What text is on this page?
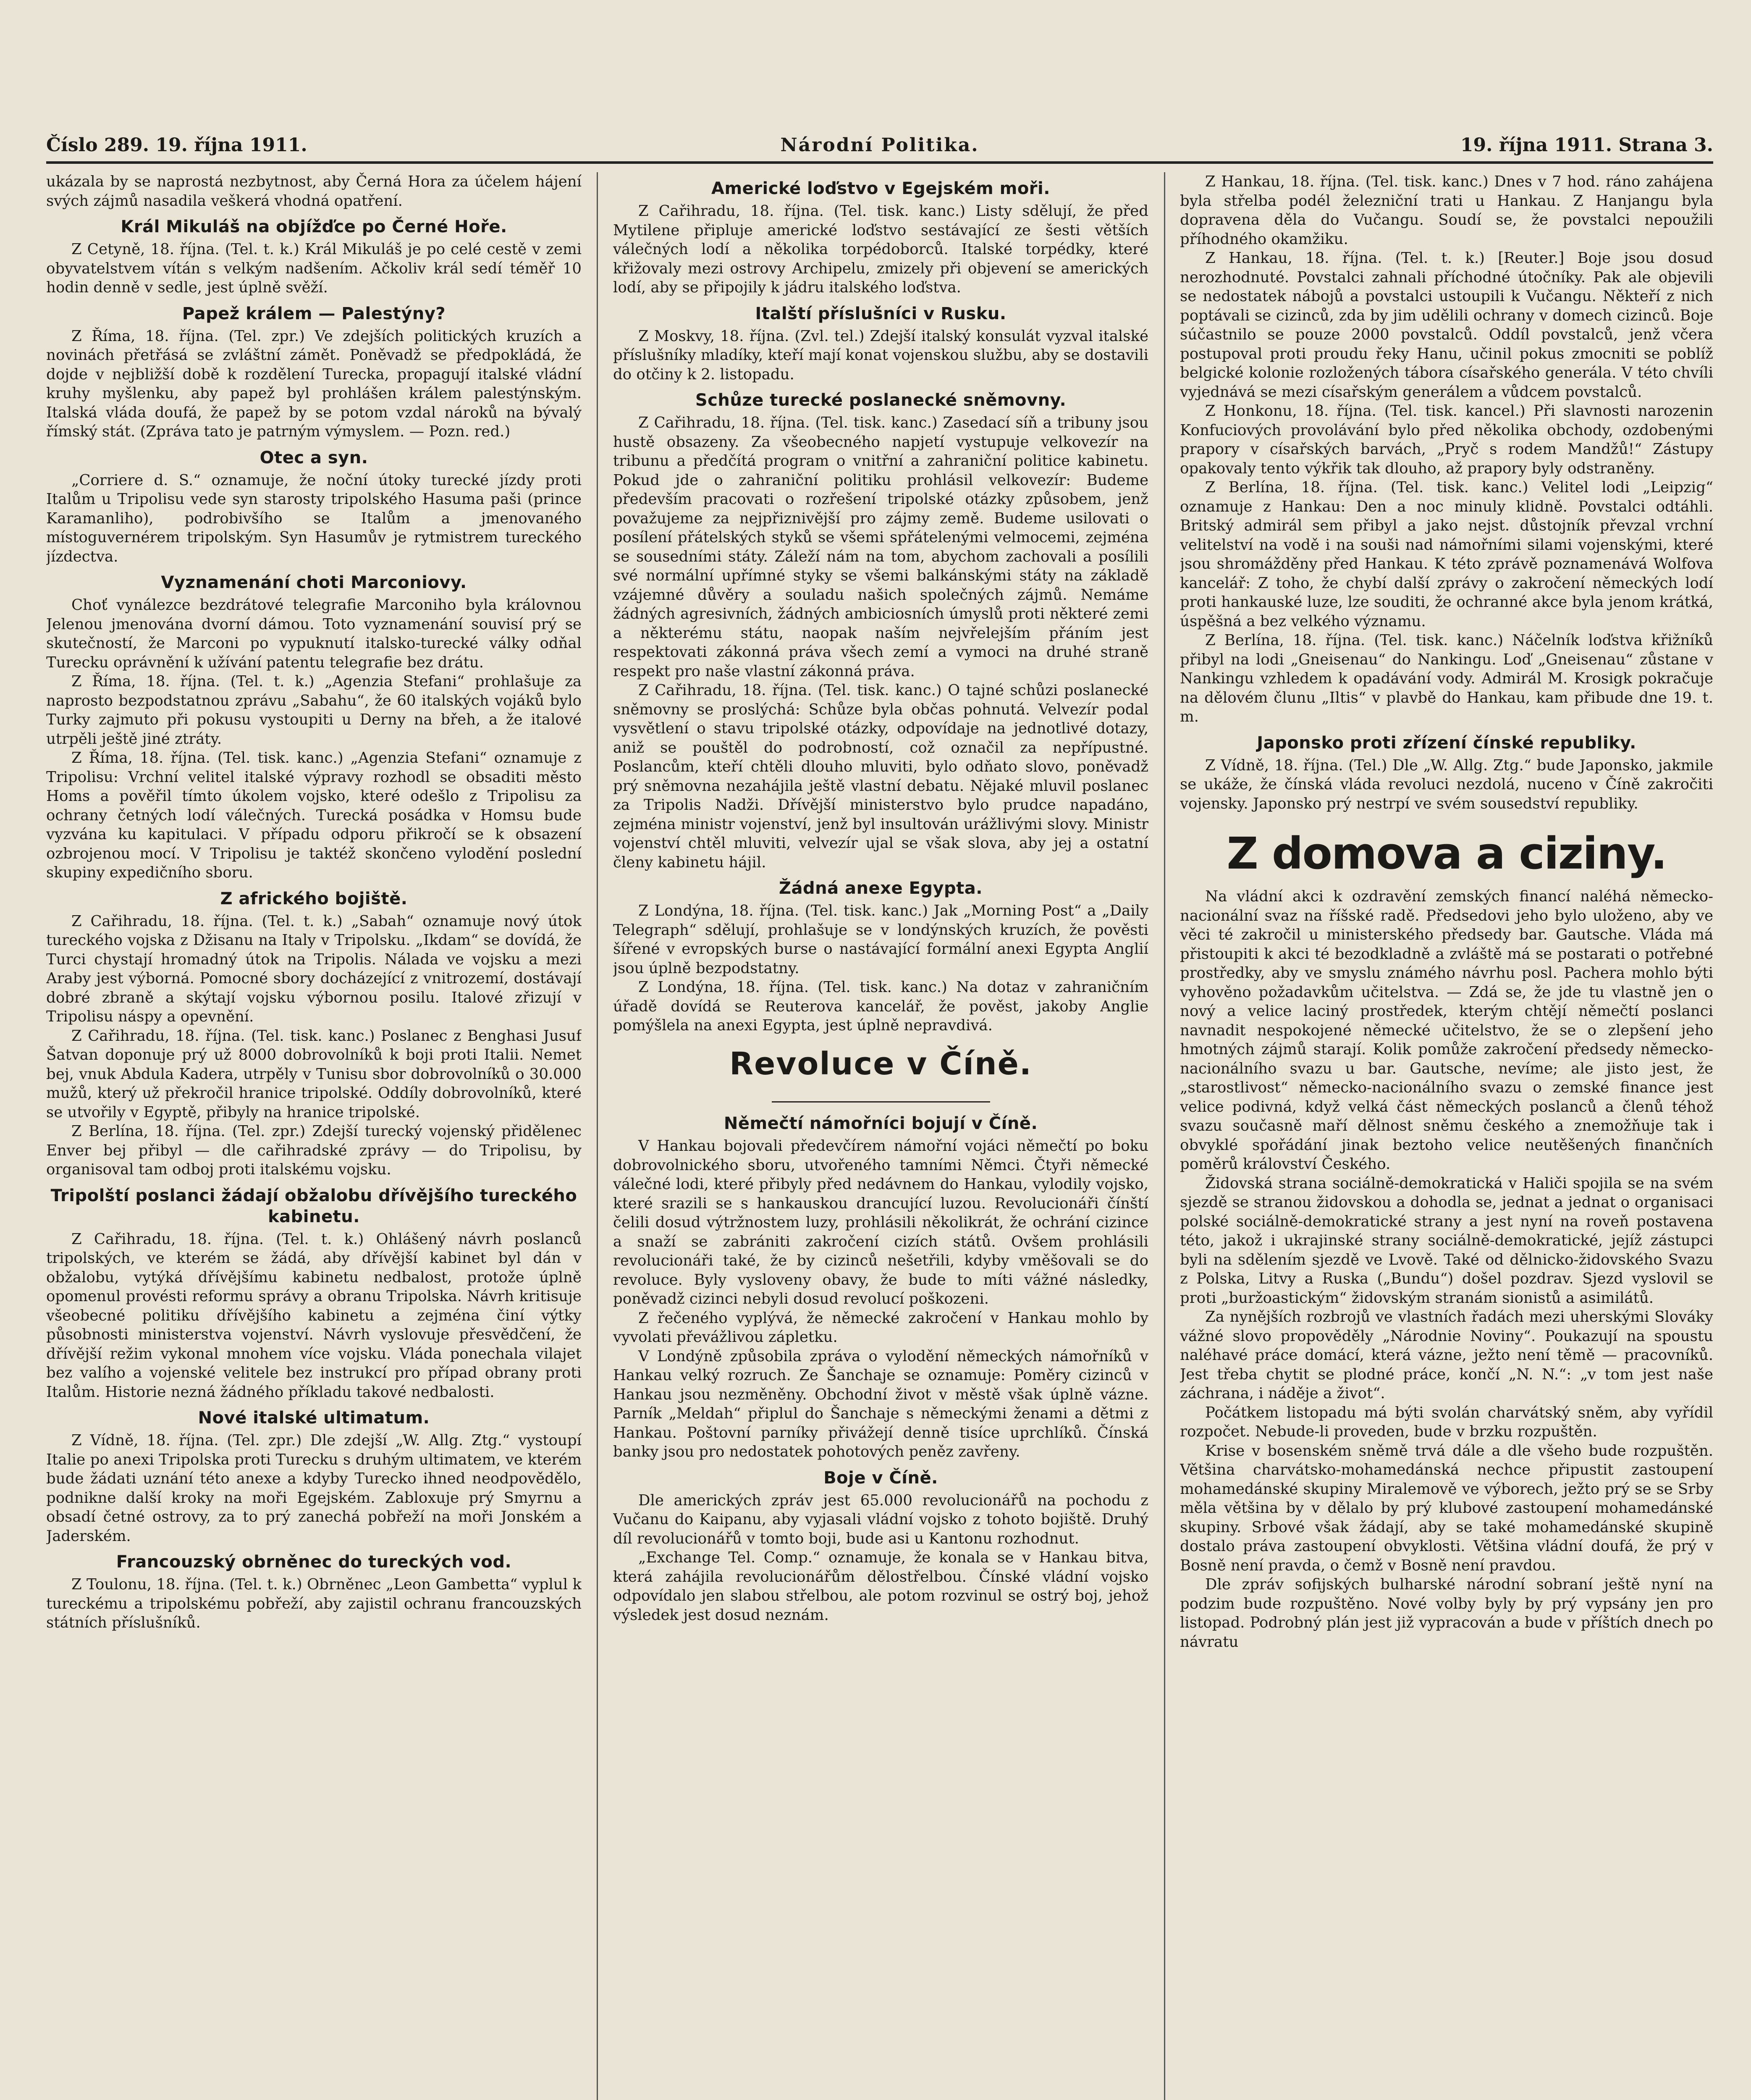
Číslo 289. 19. října 1911.	Národní Politika.	19. října 1911. Strana 3.

ukázala by se naprostá nezbytnost, aby Černá Hora za účelem hájení svých zájmů nasadila veškerá vhodná opatření.

Král Mikuláš na objížďce po Černé Hoře.

Z Cetyně, 18. října. (Tel. t. k.) Král Mikuláš je po celé cestě v zemi obyvatelstvem vítán s velkým nadšením. Ačkoliv král sedí téměř 10 hodin denně v sedle, jest úplně svěží.

Papež králem — Palestýny?

Z Říma, 18. října. (Tel. zpr.) Ve zdejších politických kruzích a novinách přetřásá se zvláštní zámět. Poněvadž se předpokládá, že dojde v nejbližší době k rozdělení Turecka, propagují italské vládní kruhy myšlenku, aby papež byl prohlášen králem palestýnským. Italská vláda doufá, že papež by se potom vzdal nároků na bývalý římský stát. (Zpráva tato je patrným výmyslem. — Pozn. red.)

Otec a syn.

„Corriere d. S.“ oznamuje, že noční útoky turecké jízdy proti Italům u Tripolisu vede syn starosty tripolského Hasuma paši (prince Karamanliho), podrobivšího se Italům a jmenovaného místoguvernérem tripolským. Syn Hasumův je rytmistrem tureckého jízdectva.

Vyznamenání choti Marconiovy.

Choť vynálezce bezdrátové telegrafie Marconiho byla královnou Jelenou jmenována dvorní dámou. Toto vyznamenání souvisí prý se skutečností, že Marconi po vypuknutí italsko-turecké války odňal Turecku oprávnění k užívání patentu telegrafie bez drátu.

Z Říma, 18. října. (Tel. t. k.) „Agenzia Stefani“ prohlašuje za naprosto bezpodstatnou zprávu „Sabahu“, že 60 italských vojáků bylo Turky zajmuto při pokusu vystoupiti u Derny na břeh, a že italové utrpěli ještě jiné ztráty.

Z Říma, 18. října. (Tel. tisk. kanc.) „Agenzia Stefani“ oznamuje z Tripolisu: Vrchní velitel italské výpravy rozhodl se obsaditi město Homs a pověřil tímto úkolem vojsko, které odešlo z Tripolisu za ochrany četných lodí válečných. Turecká posádka v Homsu bude vyzvána ku kapitulaci. V případu odporu přikročí se k obsazení ozbrojenou mocí. V Tripolisu je taktéž skončeno vylodění poslední skupiny expedičního sboru.

Z afrického bojiště.

Z Cařihradu, 18. října. (Tel. t. k.) „Sabah“ oznamuje nový útok tureckého vojska z Džisanu na Italy v Tripolsku. „Ikdam“ se dovídá, že Turci chystají hromadný útok na Tripolis. Nálada ve vojsku a mezi Araby jest výborná. Pomocné sbory docházející z vnitrozemí, dostávají dobré zbraně a skýtají vojsku výbornou posilu. Italové zřizují v Tripolisu náspy a opevnění.

Z Cařihradu, 18. října. (Tel. tisk. kanc.) Poslanec z Benghasi Jusuf Šatvan doponuje prý už 8000 dobrovolníků k boji proti Italii. Nemet bej, vnuk Abdula Kadera, utrpěly v Tunisu sbor dobrovolníků o 30.000 mužů, který už překročil hranice tripolské. Oddíly dobrovolníků, které se utvořily v Egyptě, přibyly na hranice tripolské.

Z Berlína, 18. října. (Tel. zpr.) Zdejší turecký vojenský přidělenec Enver bej přibyl — dle cařihradské zprávy — do Tripolisu, by organisoval tam odboj proti italskému vojsku.

Tripolští poslanci žádají obžalobu dřívějšího tureckého kabinetu.

Z Cařihradu, 18. října. (Tel. t. k.) Ohlášený návrh poslanců tripolských, ve kterém se žádá, aby dřívější kabinet byl dán v obžalobu, vytýká dřívějšímu kabinetu nedbalost, protože úplně opomenul provésti reformu správy a obranu Tripolska. Návrh kritisuje všeobecné politiku dřívějšího kabinetu a zejména činí výtky působnosti ministerstva vojenství. Návrh vyslovuje přesvědčení, že dřívější režim vykonal mnohem více vojsku. Vláda ponechala vilajet bez valího a vojenské velitele bez instrukcí pro případ obrany proti Italům. Historie nezná žádného příkladu takové nedbalosti.

Nové italské ultimatum.

Z Vídně, 18. října. (Tel. zpr.) Dle zdejší „W. Allg. Ztg.“ vystoupí Italie po anexi Tripolska proti Turecku s druhým ultimatem, ve kterém bude žádati uznání této anexe a kdyby Turecko ihned neodpovědělo, podnikne další kroky na moři Egejském. Zabloxuje prý Smyrnu a obsadí četné ostrovy, za to prý zanechá pobřeží na moři Jonském a Jaderském.

Francouzský obrněnec do tureckých vod.

Z Toulonu, 18. října. (Tel. t. k.) Obrněnec „Leon Gambetta“ vyplul k tureckému a tripolskému pobřeží, aby zajistil ochranu francouzských státních příslušníků.

Americké loďstvo v Egejském moři.

Z Cařihradu, 18. října. (Tel. tisk. kanc.) Listy sdělují, že před Mytilene připluje americké loďstvo sestávající ze šesti větších válečných lodí a několika torpédoborců. Italské torpédky, které křižovaly mezi ostrovy Archipelu, zmizely při objevení se amerických lodí, aby se připojily k jádru italského loďstva.

Italští příslušníci v Rusku.

Z Moskvy, 18. října. (Zvl. tel.) Zdejší italský konsulát vyzval italské příslušníky mladíky, kteří mají konat vojenskou službu, aby se dostavili do otčiny k 2. listopadu.

Schůze turecké poslanecké sněmovny.

Z Cařihradu, 18. října. (Tel. tisk. kanc.) Zasedací síň a tribuny jsou hustě obsazeny. Za všeobecného napjetí vystupuje velkovezír na tribunu a předčítá program o vnitřní a zahraniční politice kabinetu. Pokud jde o zahraniční politiku prohlásil velkovezír: Budeme především pracovati o rozřešení tripolské otázky způsobem, jenž považujeme za nejpřiznivější pro zájmy země. Budeme usilovati o posílení přátelských styků se všemi spřátelenými velmocemi, zejména se sousedními státy. Záleží nám na tom, abychom zachovali a posílili své normální upřímné styky se všemi balkánskými státy na základě vzájemné důvěry a souladu našich společných zájmů. Nemáme žádných agresivních, žádných ambiciosních úmyslů proti některé zemi a některému státu, naopak naším nejvřelejším přáním jest respektovati zákonná práva všech zemí a vymoci na druhé straně respekt pro naše vlastní zákonná práva.

Z Cařihradu, 18. října. (Tel. tisk. kanc.) O tajné schůzi poslanecké sněmovny se proslýchá: Schůze byla občas pohnutá. Velvezír podal vysvětlení o stavu tripolské otázky, odpovídaje na jednotlivé dotazy, aniž se pouštěl do podrobností, což označil za nepřípustné. Poslancům, kteří chtěli dlouho mluviti, bylo odňato slovo, poněvadž prý sněmovna nezahájila ještě vlastní debatu. Nějaké mluvil poslanec za Tripolis Nadži. Dřívější ministerstvo bylo prudce napadáno, zejména ministr vojenství, jenž byl insultován urážlivými slovy. Ministr vojenství chtěl mluviti, velvezír ujal se však slova, aby jej a ostatní členy kabinetu hájil.

Žádná anexe Egypta.

Z Londýna, 18. října. (Tel. tisk. kanc.) Jak „Morning Post“ a „Daily Telegraph“ sdělují, prohlašuje se v londýnských kruzích, že pověsti šířené v evropských burse o nastávající formální anexi Egypta Anglií jsou úplně bezpodstatny.

Z Londýna, 18. října. (Tel. tisk. kanc.) Na dotaz v zahraničním úřadě dovídá se Reuterova kancelář, že pověst, jakoby Anglie pomýšlela na anexi Egypta, jest úplně nepravdivá.

Revoluce v Číně.
Němečtí námořníci bojují v Číně.

V Hankau bojovali předevčírem námořní vojáci němečtí po boku dobrovolnického sboru, utvořeného tamními Němci. Čtyři německé válečné lodi, které přibyly před nedávnem do Hankau, vylodily vojsko, které srazili se s hankauskou drancující luzou. Revolucionáři čínští čelili dosud výtržnostem luzy, prohlásili několikrát, že ochrání cizince a snaží se zabrániti zakročení cizích států. Ovšem prohlásili revolucionáři také, že by cizinců nešetřili, kdyby vměšovali se do revoluce. Byly vysloveny obavy, že bude to míti vážné následky, poněvadž cizinci nebyli dosud revolucí poškozeni.

Z řečeného vyplývá, že německé zakročení v Hankau mohlo by vyvolati převážlivou zápletku.

V Londýně způsobila zpráva o vylodění německých námořníků v Hankau velký rozruch. Ze Šanchaje se oznamuje: Poměry cizinců v Hankau jsou nezměněny. Obchodní život v městě však úplně vázne. Parník „Meldah“ připlul do Šanchaje s německými ženami a dětmi z Hankau. Poštovní parníky přivážejí denně tisíce uprchlíků. Čínská banky jsou pro nedostatek pohotových peněz zavřeny.

Boje v Číně.

Dle amerických zpráv jest 65.000 revolucionářů na pochodu z Vučanu do Kaipanu, aby vyjasali vládní vojsko z tohoto bojiště. Druhý díl revolucionářů v tomto boji, bude asi u Kantonu rozhodnut.

„Exchange Tel. Comp.“ oznamuje, že konala se v Hankau bitva, která zahájila revolucionářům dělostřelbou. Čínské vládní vojsko odpovídalo jen slabou střelbou, ale potom rozvinul se ostrý boj, jehož výsledek jest dosud neznám.

Z Hankau, 18. října. (Tel. tisk. kanc.) Dnes v 7 hod. ráno zahájena byla střelba podél železniční trati u Hankau. Z Hanjangu byla dopravena děla do Vučangu. Soudí se, že povstalci nepoužili příhodného okamžiku.

Z Hankau, 18. října. (Tel. t. k.) [Reuter.] Boje jsou dosud nerozhodnuté. Povstalci zahnali příchodné útočníky. Pak ale objevili se nedostatek nábojů a povstalci ustoupili k Vučangu. Někteří z nich poptávali se cizinců, zda by jim udělili ochrany v domech cizinců. Boje súčastnilo se pouze 2000 povstalců. Oddíl povstalců, jenž včera postupoval proti proudu řeky Hanu, učinil pokus zmocniti se poblíž belgické kolonie rozložených tábora císařského generála. V této chvíli vyjednává se mezi císařským generálem a vůdcem povstalců.

Z Honkonu, 18. října. (Tel. tisk. kancel.) Při slavnosti narozenin Konfuciových provolávání bylo před několika obchody, ozdobenými prapory v císařských barvách, „Pryč s rodem Mandžů!“ Zástupy opakovaly tento výkřik tak dlouho, až prapory byly odstraněny.

Z Berlína, 18. října. (Tel. tisk. kanc.) Velitel lodi „Leipzig“ oznamuje z Hankau: Den a noc minuly klidně. Povstalci odtáhli. Britský admirál sem přibyl a jako nejst. důstojník převzal vrchní velitelství na vodě i na souši nad námořními silami vojenskými, které jsou shromážděny před Hankau. K této zprávě poznamenává Wolfova kancelář: Z toho, že chybí další zprávy o zakročení německých lodí proti hankauské luze, lze souditi, že ochranné akce byla jenom krátká, úspěšná a bez velkého významu.

Z Berlína, 18. října. (Tel. tisk. kanc.) Náčelník loďstva křižníků přibyl na lodi „Gneisenau“ do Nankingu. Loď „Gneisenau“ zůstane v Nankingu vzhledem k opadávání vody. Admirál M. Krosigk pokračuje na dělovém člunu „Iltis“ v plavbě do Hankau, kam přibude dne 19. t. m.

Japonsko proti zřízení čínské republiky.

Z Vídně, 18. října. (Tel.) Dle „W. Allg. Ztg.“ bude Japonsko, jakmile se ukáže, že čínská vláda revoluci nezdolá, nuceno v Číně zakročiti vojensky. Japonsko prý nestrpí ve svém sousedství republiky.

Z domova a ciziny.

Na vládní akci k ozdravění zemských financí naléhá německo-nacionální svaz na říšské radě. Předsedovi jeho bylo uloženo, aby ve věci té zakročil u ministerského předsedy bar. Gautsche. Vláda má přistoupiti k akci té bezodkladně a zvláště má se postarati o potřebné prostředky, aby ve smyslu známého návrhu posl. Pachera mohlo býti vyhověno požadavkům učitelstva. — Zdá se, že jde tu vlastně jen o nový a velice laciný prostředek, kterým chtějí němečtí poslanci navnadit nespokojené německé učitelstvo, že se o zlepšení jeho hmotných zájmů starají. Kolik pomůže zakročení předsedy německo-nacionálního svazu u bar. Gautsche, nevíme; ale jisto jest, že „starostlivost“ německo-nacionálního svazu o zemské finance jest velice podivná, když velká část německých poslanců a členů téhož svazu současně maří dělnost sněmu českého a znemožňuje tak i obvyklé spořádání jinak beztoho velice neutěšených finančních poměrů království Českého.

Židovská strana sociálně-demokratická v Haliči spojila se na svém sjezdě se stranou židovskou a dohodla se, jednat a jednat o organisaci polské sociálně-demokratické strany a jest nyní na roveň postavena této, jakož i ukrajinské strany sociálně-demokratické, jejíž zástupci byli na sdělením sjezdě ve Lvově. Také od dělnicko-židovského Svazu z Polska, Litvy a Ruska („Bundu“) došel pozdrav. Sjezd vyslovil se proti „buržoastickým“ židovským stranám sionistů a asimilátů.

Za nynějších rozbrojů ve vlastních řadách mezi uherskými Slováky vážné slovo propověděly „Národnie Noviny“. Poukazují na spoustu naléhavé práce domácí, která vázne, ježto není těmě — pracovníků. Jest třeba chytit se plodné práce, končí „N. N.“: „v tom jest naše záchrana, i náděje a život“.

Počátkem listopadu má býti svolán charvátský sněm, aby vyřídil rozpočet. Nebude-li proveden, bude v brzku rozpuštěn.

Krise v bosenském sněmě trvá dále a dle všeho bude rozpuštěn. Většina charvátsko-mohamedánská nechce připustit zastoupení mohamedánské skupiny Miralemově ve výborech, ježto prý se se Srby měla většina by v dělalo by prý klubové zastoupení mohamedánské skupiny. Srbové však žádají, aby se také mohamedánské skupině dostalo práva zastoupení obvyklosti. Většina vládní doufá, že prý v Bosně není pravda, o čemž v Bosně není pravdou.

Dle zpráv sofijských bulharské národní sobraní ještě nyní na podzim bude rozpuštěno. Nové volby byly by prý vypsány jen pro listopad. Podrobný plán jest již vypracován a bude v příštích dnech po návratu
